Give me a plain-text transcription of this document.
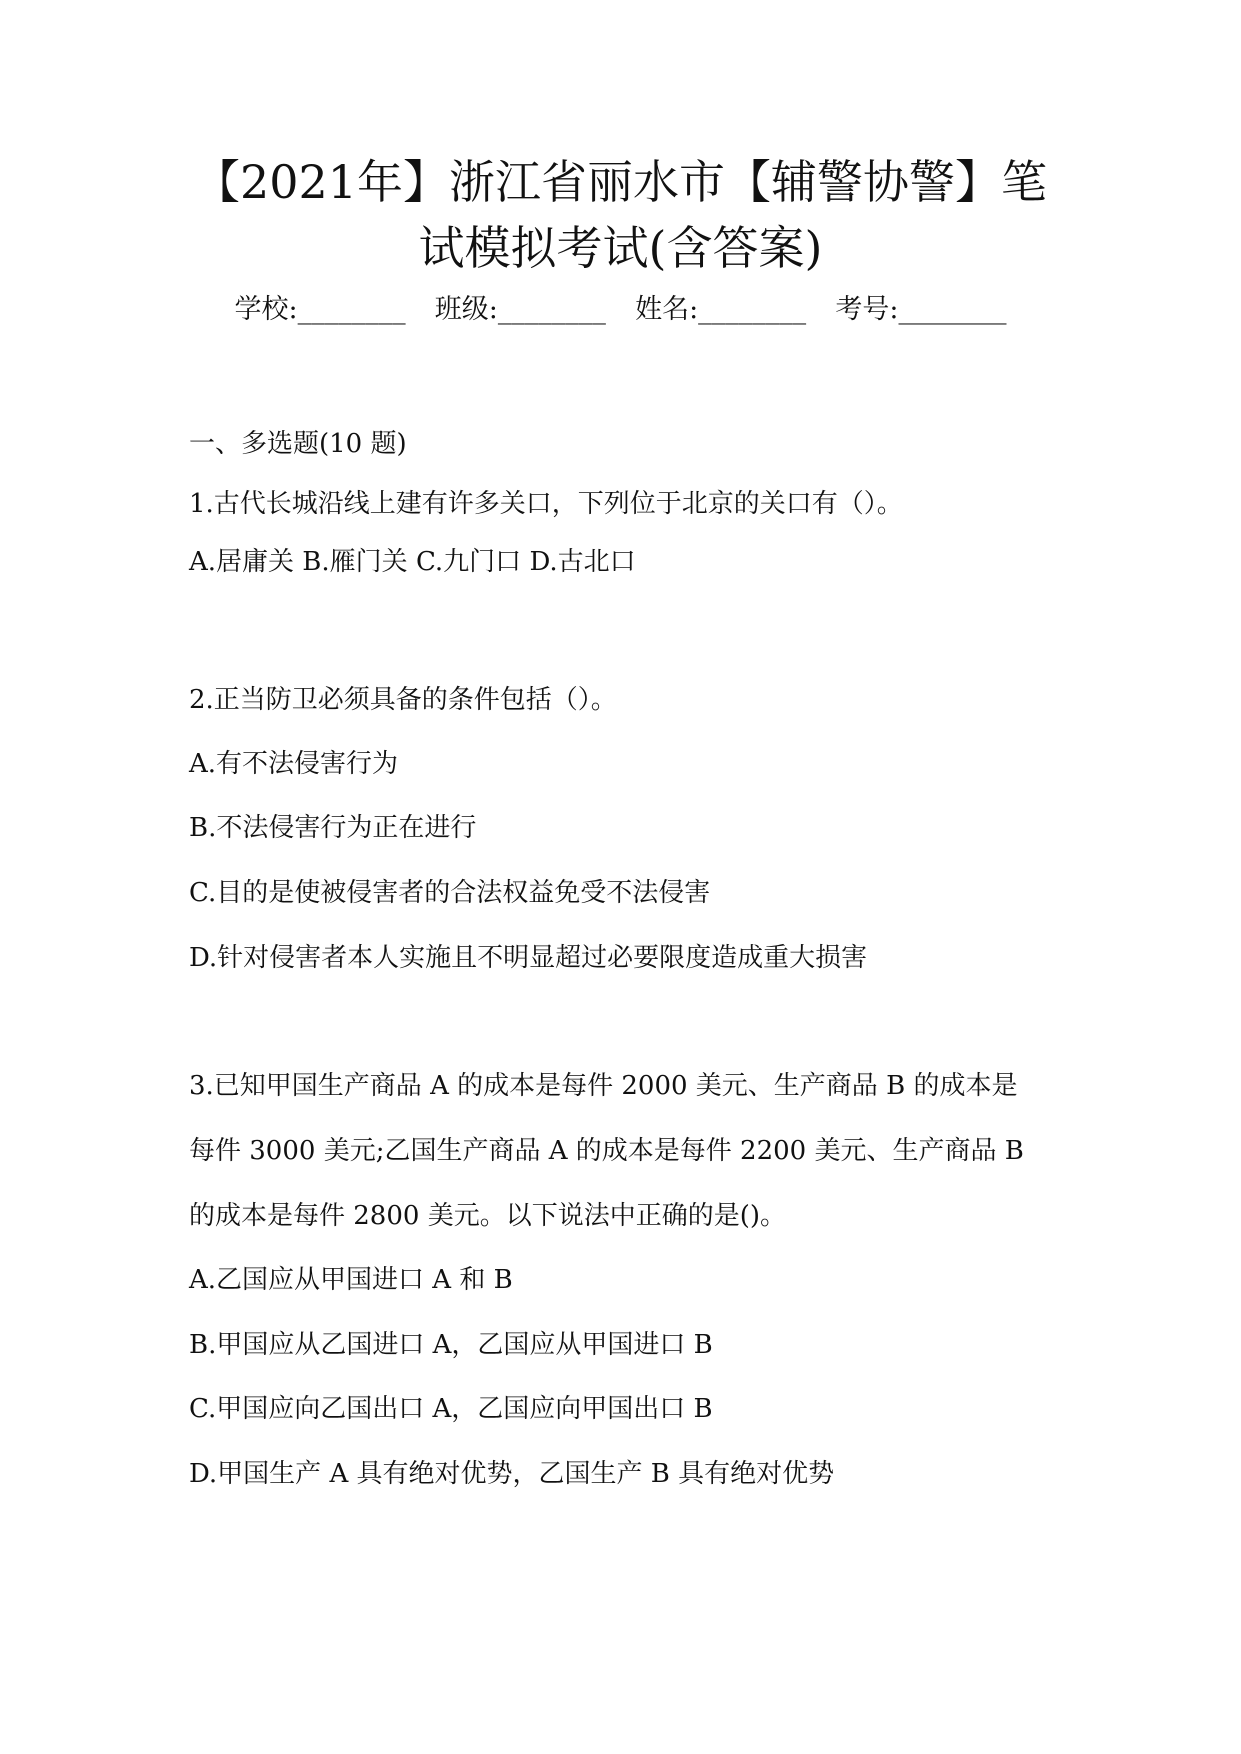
【2021年】浙江省丽水市【辅警协警】笔
试模拟考试(含答案)
学校:________ 班级:________ 姓名:________ 考号:________

一、多选题(10 题)

1.古代长城沿线上建有许多关口，下列位于北京的关口有（）。

A.居庸关 B.雁门关 C.九门口 D.古北口

2.正当防卫必须具备的条件包括（）。

A.有不法侵害行为

B.不法侵害行为正在进行

C.目的是使被侵害者的合法权益免受不法侵害

D.针对侵害者本人实施且不明显超过必要限度造成重大损害

3.已知甲国生产商品 A 的成本是每件 2000 美元、生产商品 B 的成本是

每件 3000 美元;乙国生产商品 A 的成本是每件 2200 美元、生产商品 B

的成本是每件 2800 美元。以下说法中正确的是()。

A.乙国应从甲国进口 A 和 B

B.甲国应从乙国进口 A，乙国应从甲国进口 B

C.甲国应向乙国出口 A，乙国应向甲国出口 B

D.甲国生产 A 具有绝对优势，乙国生产 B 具有绝对优势
